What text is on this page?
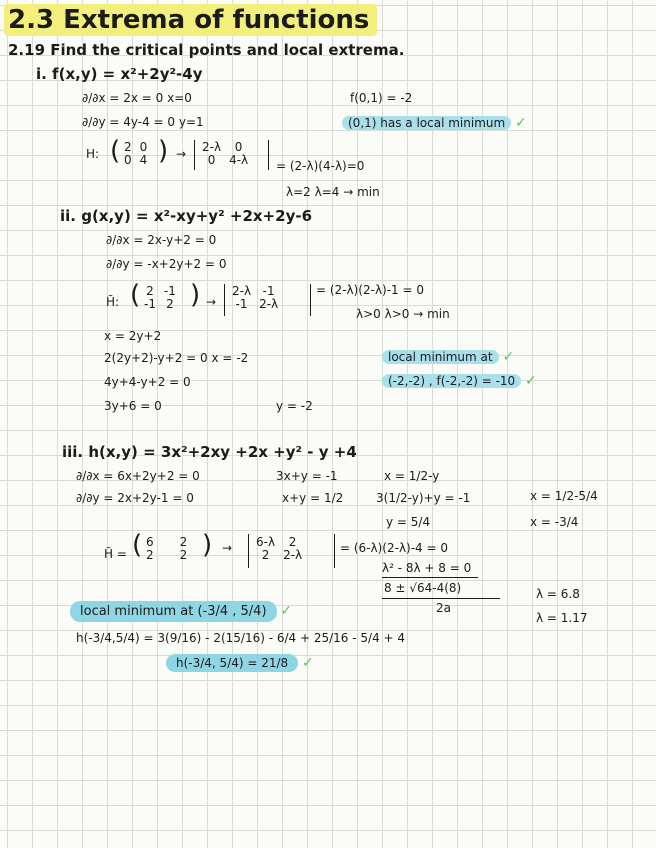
2.3 Extrema of functions
2.19 Find the critical points and local extrema.
i. f(x,y) = x²+2y²-4y
∂/∂x = 2x = 0 x=0	f(0,1) = -2
∂/∂y = 4y-4 = 0 y=1	(0,1) has a local minimum ✓
H: ( 2	0
0	4 ) → 2-λ	0
0	4-λ = (2-λ)(4-λ)=0
λ=2 λ=4 → min
ii. g(x,y) = x²-xy+y² +2x+2y-6
∂/∂x = 2x-y+2 = 0
∂/∂y = -x+2y+2 = 0
H̃: ( 2	-1
-1	2 ) →
2-λ	-1
-1	2-λ
= (2-λ)(2-λ)-1 = 0
λ>0 λ>0 → min
x = 2y+2
2(2y+2)-y+2 = 0 x = -2
4y+4-y+2 = 0
3y+6 = 0	y = -2
local minimum at ✓
(-2,-2) , f(-2,-2) = -10 ✓
iii. h(x,y) = 3x²+2xy +2x +y² - y +4
∂/∂x = 6x+2y+2 = 0	3x+y = -1	x = 1/2-y
∂/∂y = 2x+2y-1 = 0	x+y = 1/2	3(1/2-y)+y = -1	x = 1/2-5/4
y = 5/4	x = -3/4
H̃ = ( 6	2
2	2 ) → 6-λ	2
2	2-λ
= (6-λ)(2-λ)-4 = 0
λ² - 8λ + 8 = 0
8 ± √64-4(8)
2a
λ = 6.8
λ = 1.17
local minimum at (-3/4 , 5/4) ✓
h(-3/4,5/4) = 3(9/16) - 2(15/16) - 6/4 + 25/16 - 5/4 + 4
h(-3/4, 5/4) = 21/8 ✓
